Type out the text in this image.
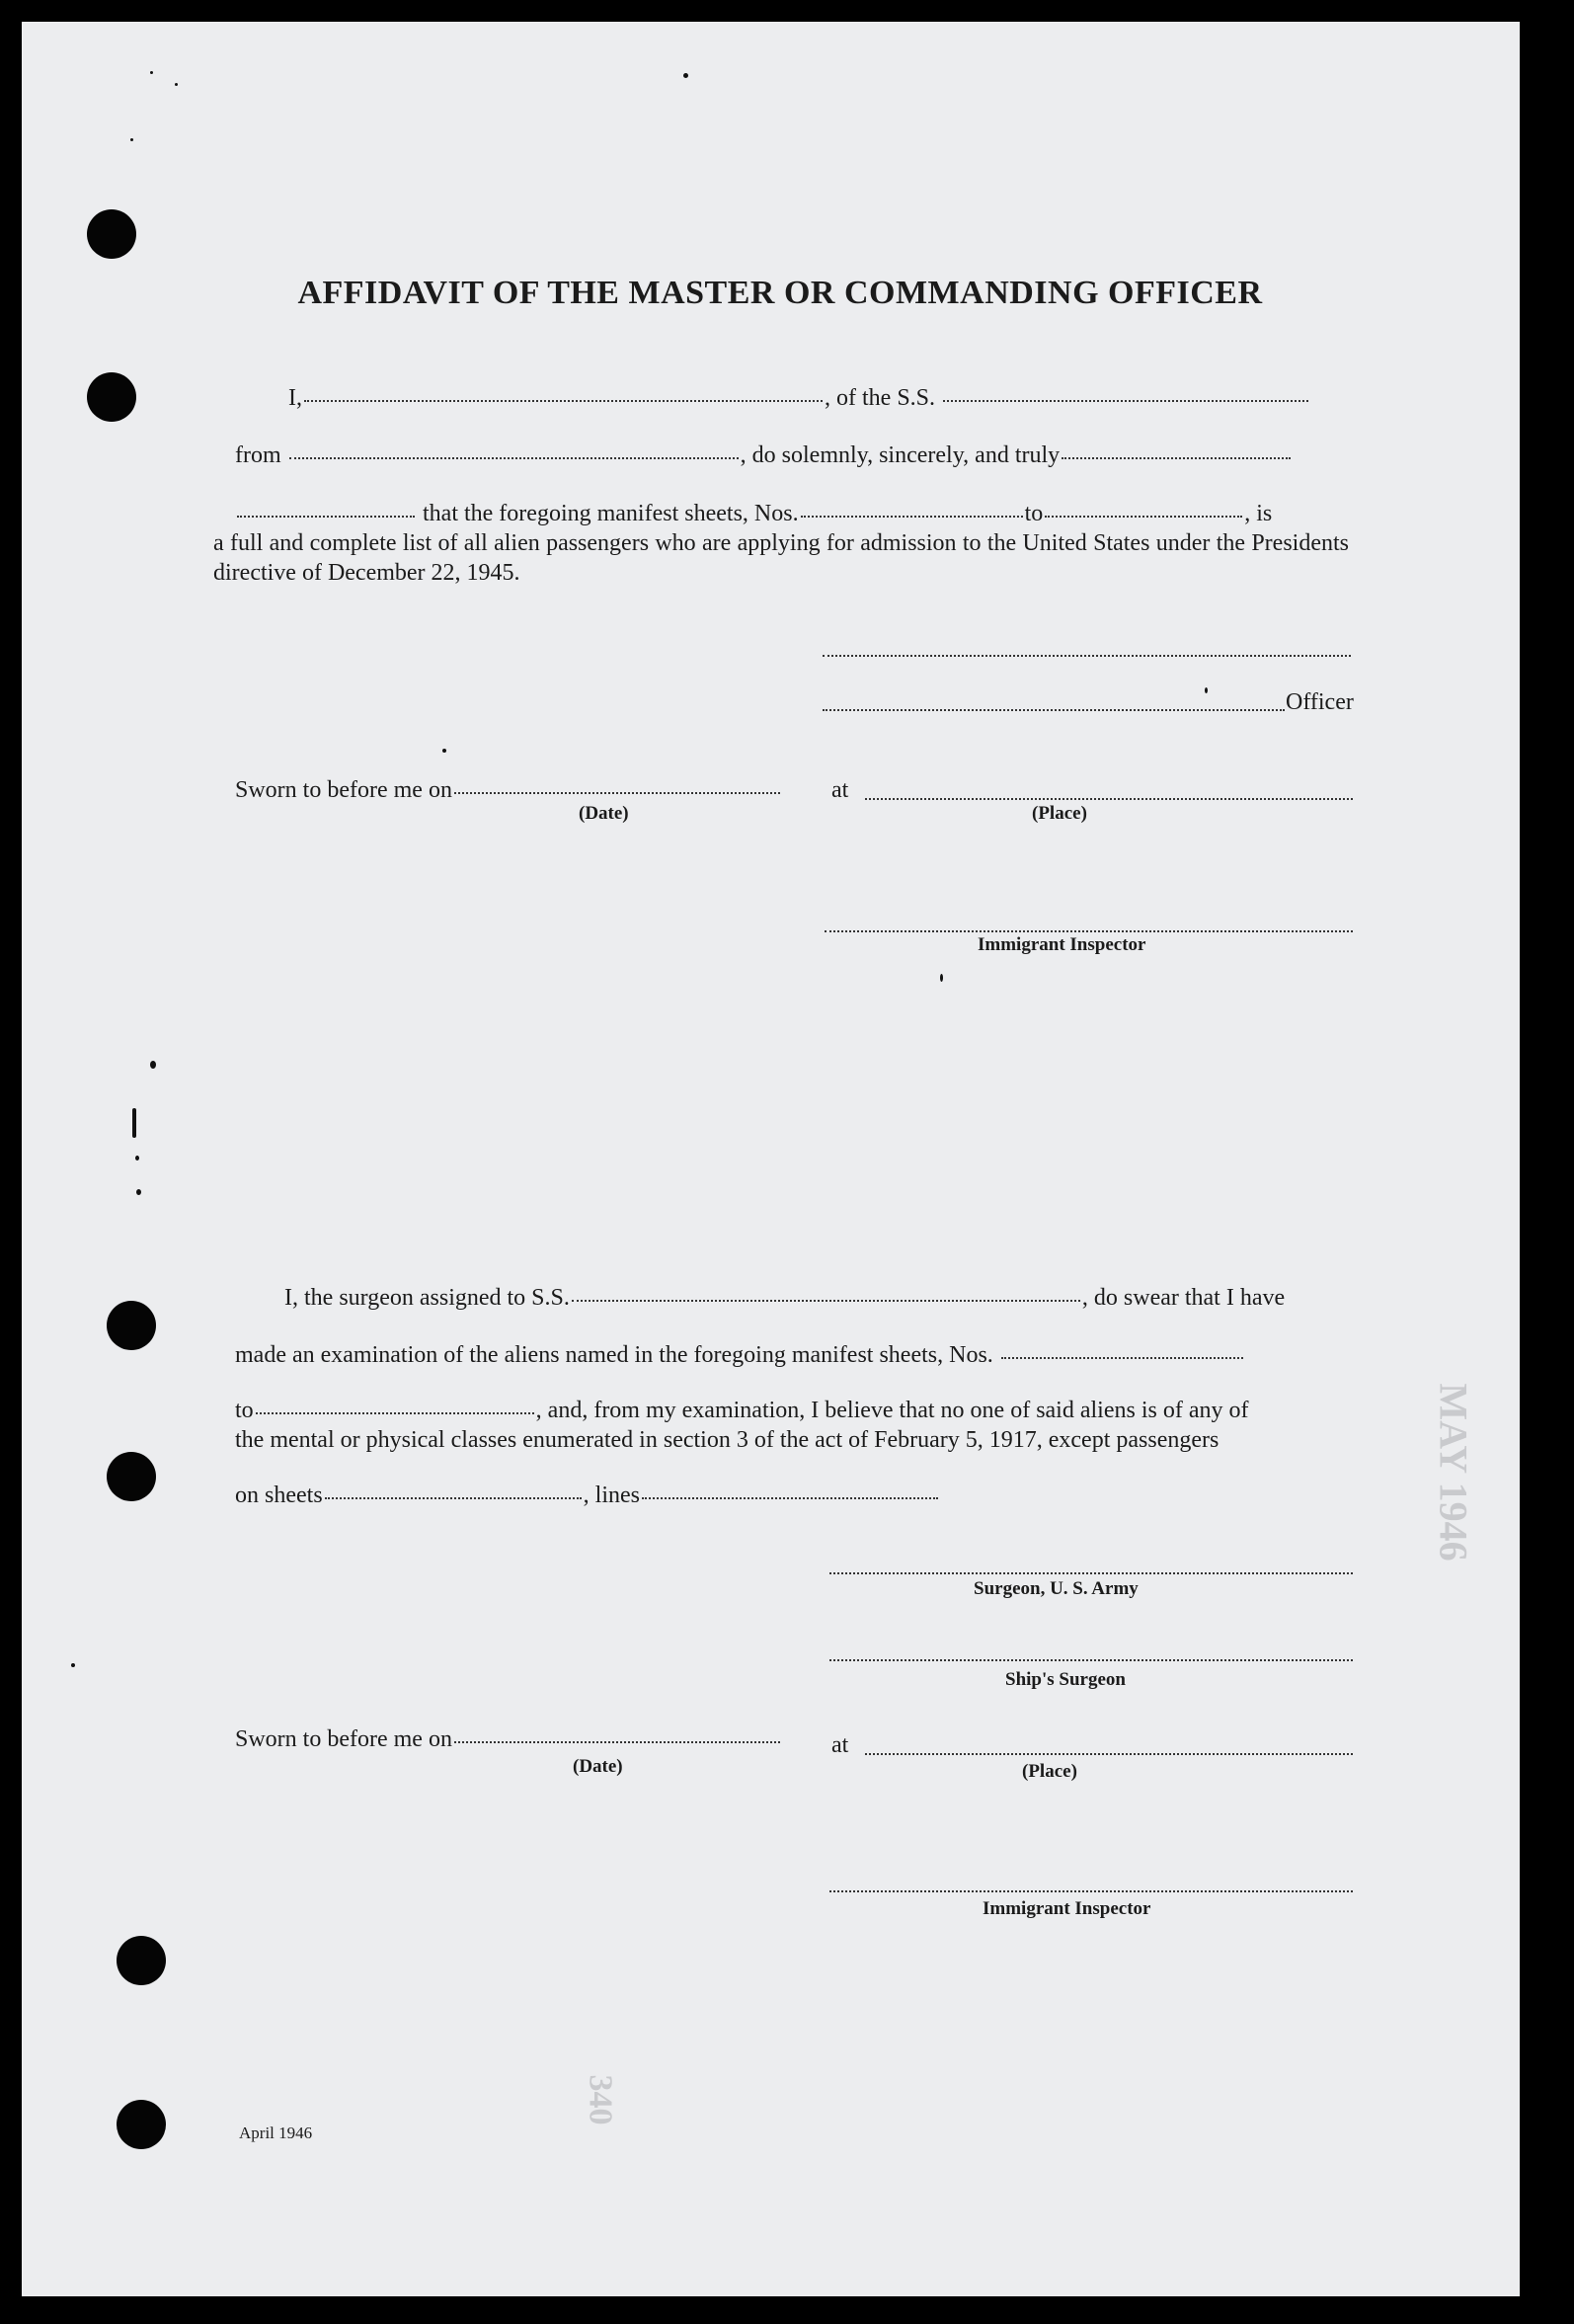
MAY 1946
340
AFFIDAVIT OF THE MASTER OR COMMANDING OFFICER
I,	, of the S.S.
from	, do solemnly, sincerely, and truly
that the foregoing manifest sheets, Nos.	to	, is
a full and complete list of all alien passengers who are applying for admission to the United States under the Presidents directive of December 22, 1945.
Officer
Sworn to before me on	at
(Date)	(Place)
Immigrant Inspector
I, the surgeon assigned to S.S.	, do swear that I have
made an examination of the aliens named in the foregoing manifest sheets, Nos.
to	, and, from my examination, I believe that no one of said aliens is of any of
the mental or physical classes enumerated in section 3 of the act of February 5, 1917, except passengers
on sheets	, lines
Surgeon, U. S. Army
Ship's Surgeon
Sworn to before me on	at
(Date)	(Place)
Immigrant Inspector
April 1946
